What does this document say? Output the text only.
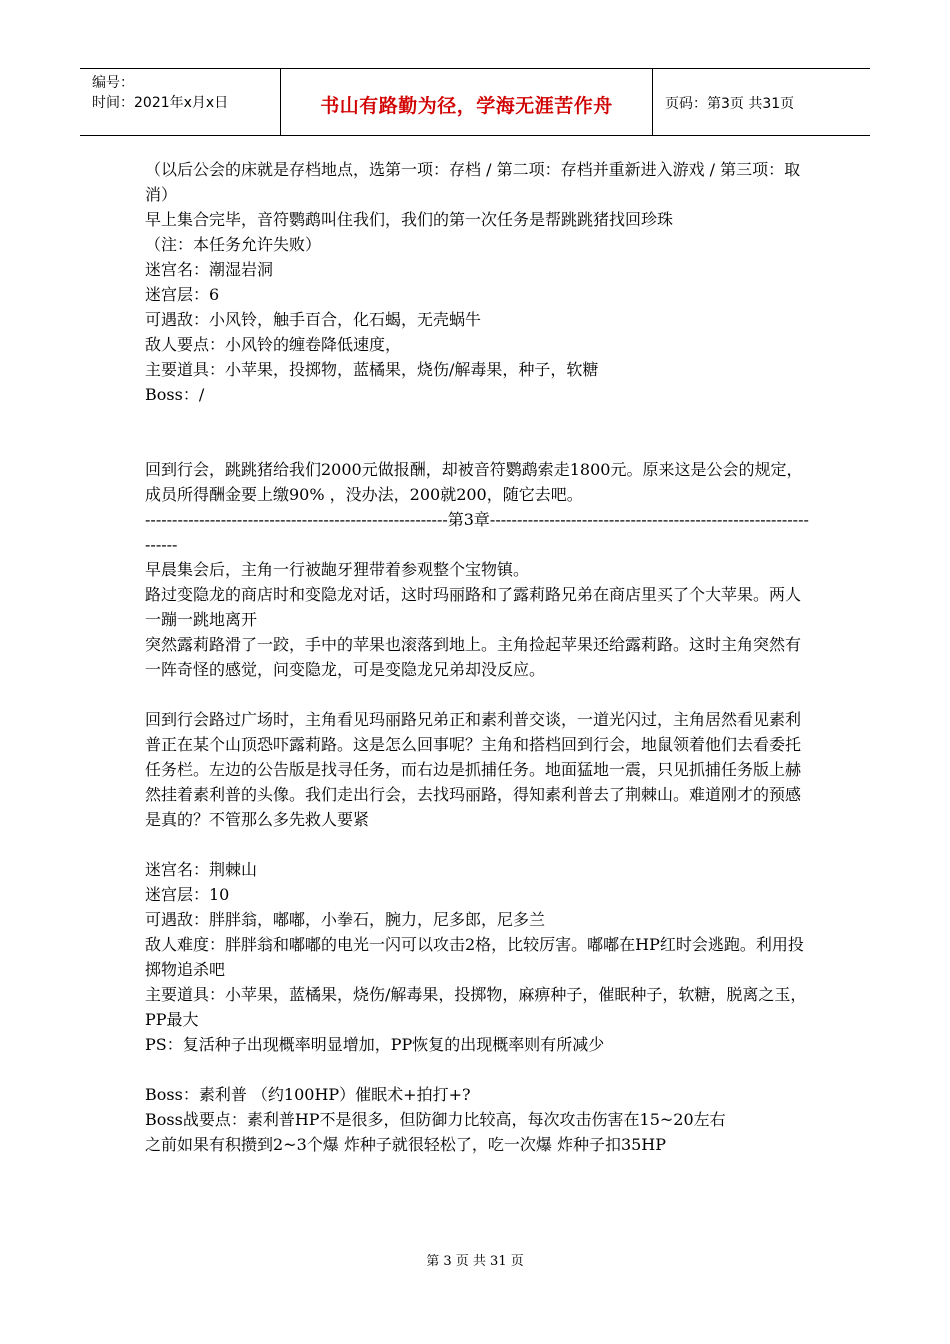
编号：
时间：2021年x月x日	书山有路勤为径，学海无涯苦作舟	页码：第3页 共31页

（以后公会的床就是存档地点，选第一项：存档 / 第二项：存档并重新进入游戏 / 第三项：取消）

早上集合完毕，音符鹦鹉叫住我们，我们的第一次任务是帮跳跳猪找回珍珠

（注：本任务允许失败）

迷宫名：潮湿岩洞

迷宫层：6

可遇敌：小风铃，触手百合，化石蝎，无壳蜗牛

敌人要点：小风铃的缠卷降低速度，

主要道具：小苹果，投掷物，蓝橘果，烧伤/解毒果，种子，软糖

Boss：/

回到行会，跳跳猪给我们2000元做报酬，却被音符鹦鹉索走1800元。原来这是公会的规定，成员所得酬金要上缴90% ，没办法，200就200，随它去吧。

--------------------------------------------------------第3章-----------------------------------------------------------------

早晨集会后，主角一行被龅牙狸带着参观整个宝物镇。

路过变隐龙的商店时和变隐龙对话，这时玛丽路和了露莉路兄弟在商店里买了个大苹果。两人一蹦一跳地离开

突然露莉路滑了一跤，手中的苹果也滚落到地上。主角捡起苹果还给露莉路。这时主角突然有一阵奇怪的感觉，问变隐龙，可是变隐龙兄弟却没反应。

回到行会路过广场时，主角看见玛丽路兄弟正和素利普交谈，一道光闪过，主角居然看见素利普正在某个山顶恐吓露莉路。这是怎么回事呢？主角和搭档回到行会，地鼠领着他们去看委托任务栏。左边的公告版是找寻任务，而右边是抓捕任务。地面猛地一震，只见抓捕任务版上赫然挂着素利普的头像。我们走出行会，去找玛丽路，得知素利普去了荆棘山。难道刚才的预感是真的？不管那么多先救人要紧

迷宫名：荆棘山

迷宫层：10

可遇敌：胖胖翁，嘟嘟，小拳石，腕力，尼多郎，尼多兰

敌人难度：胖胖翁和嘟嘟的电光一闪可以攻击2格，比较厉害。嘟嘟在HP红时会逃跑。利用投掷物追杀吧

主要道具：小苹果，蓝橘果，烧伤/解毒果，投掷物，麻痹种子，催眠种子，软糖，脱离之玉，PP最大

PS：复活种子出现概率明显增加，PP恢复的出现概率则有所减少

Boss：素利普 （约100HP）催眠术+拍打+?

Boss战要点：素利普HP不是很多，但防御力比较高，每次攻击伤害在15~20左右

之前如果有积攒到2~3个爆 炸种子就很轻松了，吃一次爆 炸种子扣35HP

第 3 页 共 31 页
